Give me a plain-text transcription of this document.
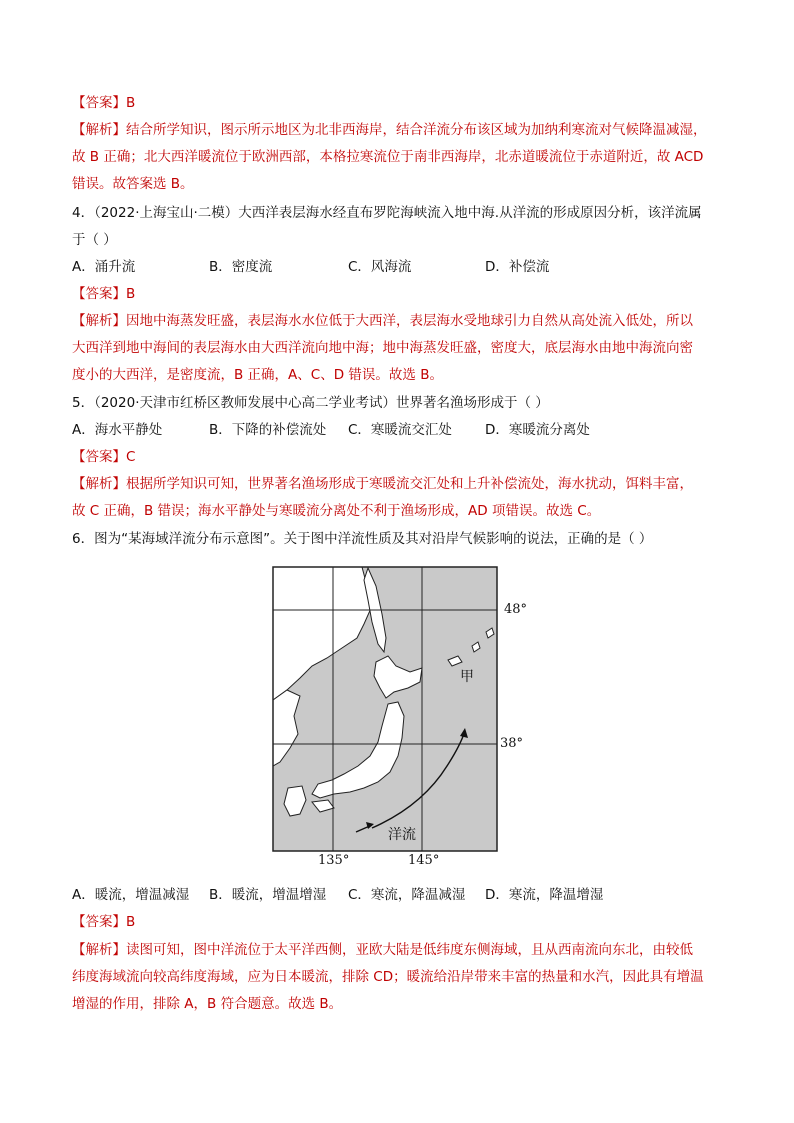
【答案】B
【解析】结合所学知识，图示所示地区为北非西海岸，结合洋流分布该区域为加纳利寒流对气候降温减湿，
故 B 正确；北大西洋暖流位于欧洲西部，本格拉寒流位于南非西海岸，北赤道暖流位于赤道附近，故 ACD
错误。故答案选 B。
4．（2022·上海宝山·二模）大西洋表层海水经直布罗陀海峡流入地中海.从洋流的形成原因分析，该洋流属
于（ ）
A．涌升流	B．密度流	C．风海流	D．补偿流
【答案】B
【解析】因地中海蒸发旺盛，表层海水水位低于大西洋，表层海水受地球引力自然从高处流入低处，所以
大西洋到地中海间的表层海水由大西洋流向地中海；地中海蒸发旺盛，密度大，底层海水由地中海流向密
度小的大西洋，是密度流，B 正确，A、C、D 错误。故选 B。
5．（2020·天津市红桥区教师发展中心高二学业考试）世界著名渔场形成于（ ）
A．海水平静处	B．下降的补偿流处 C．寒暖流交汇处 D．寒暖流分离处
【答案】C
【解析】根据所学知识可知，世界著名渔场形成于寒暖流交汇处和上升补偿流处，海水扰动，饵料丰富，
故 C 正确，B 错误；海水平静处与寒暖流分离处不利于渔场形成，AD 项错误。故选 C。
6．图为“某海域洋流分布示意图”。关于图中洋流性质及其对沿岸气候影响的说法，正确的是（ ）
48°
38°
135°	145°
甲
洋流
A．暖流，增温减湿 B．暖流，增温增湿 C．寒流，降温减湿 D．寒流，降温增湿
【答案】B
【解析】读图可知，图中洋流位于太平洋西侧，亚欧大陆是低纬度东侧海域，且从西南流向东北，由较低
纬度海域流向较高纬度海域，应为日本暖流，排除 CD；暖流给沿岸带来丰富的热量和水汽，因此具有增温
增湿的作用，排除 A，B 符合题意。故选 B。
